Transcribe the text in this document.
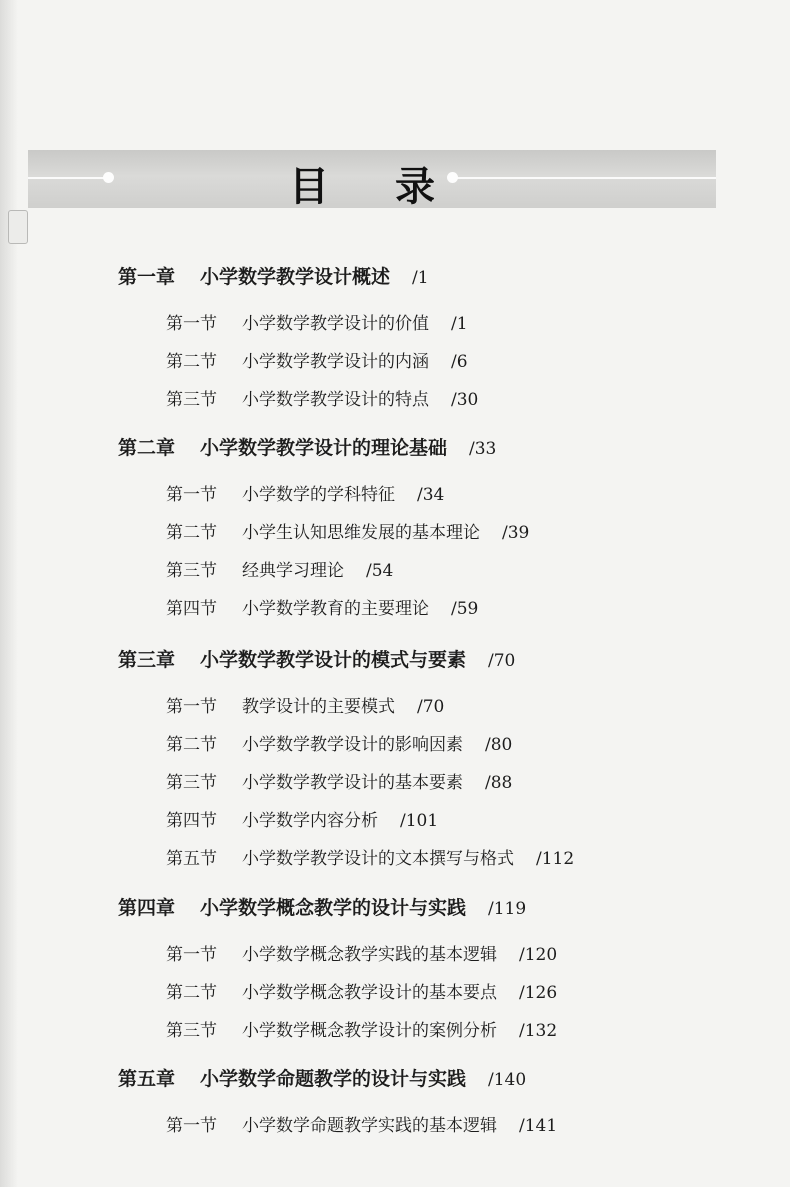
目 录
第一章 小学数学教学设计概述 /1
第一节 小学数学教学设计的价值 /1
第二节 小学数学教学设计的内涵 /6
第三节 小学数学教学设计的特点 /30
第二章 小学数学教学设计的理论基础 /33
第一节 小学数学的学科特征 /34
第二节 小学生认知思维发展的基本理论 /39
第三节 经典学习理论 /54
第四节 小学数学教育的主要理论 /59
第三章 小学数学教学设计的模式与要素 /70
第一节 教学设计的主要模式 /70
第二节 小学数学教学设计的影响因素 /80
第三节 小学数学教学设计的基本要素 /88
第四节 小学数学内容分析 /101
第五节 小学数学教学设计的文本撰写与格式 /112
第四章 小学数学概念教学的设计与实践 /119
第一节 小学数学概念教学实践的基本逻辑 /120
第二节 小学数学概念教学设计的基本要点 /126
第三节 小学数学概念教学设计的案例分析 /132
第五章 小学数学命题教学的设计与实践 /140
第一节 小学数学命题教学实践的基本逻辑 /141
